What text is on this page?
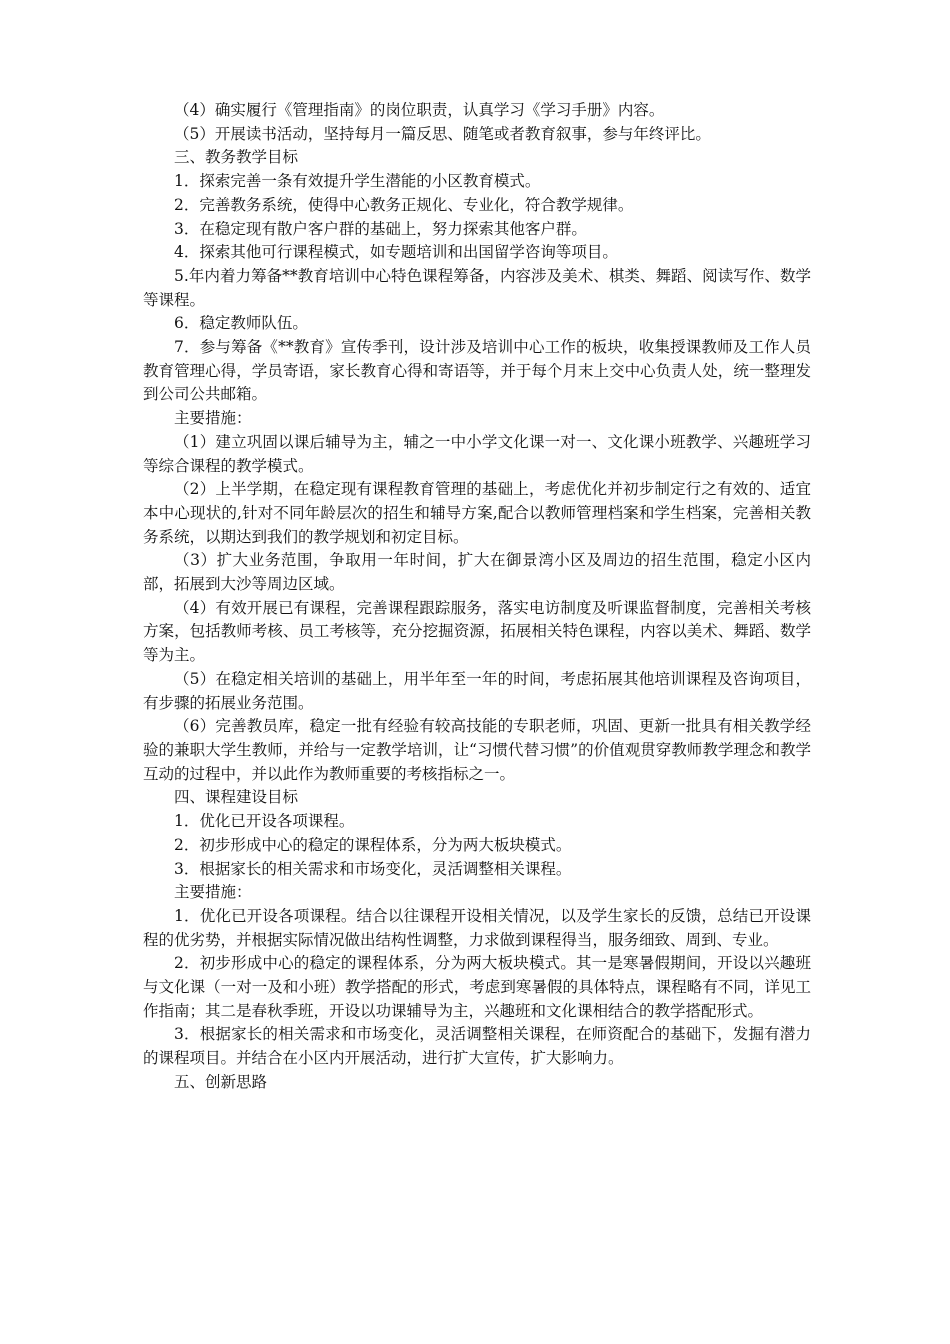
（4）确实履行《管理指南》的岗位职责，认真学习《学习手册》内容。

（5）开展读书活动，坚持每月一篇反思、随笔或者教育叙事，参与年终评比。

三、教务教学目标

1．探索完善一条有效提升学生潜能的小区教育模式。

2．完善教务系统，使得中心教务正规化、专业化，符合教学规律。

3．在稳定现有散户客户群的基础上，努力探索其他客户群。

4．探索其他可行课程模式，如专题培训和出国留学咨询等项目。

5.年内着力筹备**教育培训中心特色课程筹备，内容涉及美术、棋类、舞蹈、阅读写作、数学等课程。

6．稳定教师队伍。

7．参与筹备《**教育》宣传季刊，设计涉及培训中心工作的板块，收集授课教师及工作人员教育管理心得，学员寄语，家长教育心得和寄语等，并于每个月末上交中心负责人处，统一整理发到公司公共邮箱。

主要措施：

（1）建立巩固以课后辅导为主，辅之一中小学文化课一对一、文化课小班教学、兴趣班学习等综合课程的教学模式。

（2）上半学期，在稳定现有课程教育管理的基础上，考虑优化并初步制定行之有效的、适宜本中心现状的,针对不同年龄层次的招生和辅导方案,配合以教师管理档案和学生档案，完善相关教务系统，以期达到我们的教学规划和初定目标。

（3）扩大业务范围，争取用一年时间，扩大在御景湾小区及周边的招生范围，稳定小区内部，拓展到大沙等周边区域。

（4）有效开展已有课程，完善课程跟踪服务，落实电访制度及听课监督制度，完善相关考核方案，包括教师考核、员工考核等，充分挖掘资源，拓展相关特色课程，内容以美术、舞蹈、数学等为主。

（5）在稳定相关培训的基础上，用半年至一年的时间，考虑拓展其他培训课程及咨询项目，有步骤的拓展业务范围。

（6）完善教员库，稳定一批有经验有较高技能的专职老师，巩固、更新一批具有相关教学经验的兼职大学生教师，并给与一定教学培训，让“习惯代替习惯”的价值观贯穿教师教学理念和教学互动的过程中，并以此作为教师重要的考核指标之一。

四、课程建设目标

1．优化已开设各项课程。

2．初步形成中心的稳定的课程体系，分为两大板块模式。

3．根据家长的相关需求和市场变化，灵活调整相关课程。

主要措施：

1．优化已开设各项课程。结合以往课程开设相关情况，以及学生家长的反馈，总结已开设课程的优劣势，并根据实际情况做出结构性调整，力求做到课程得当，服务细致、周到、专业。

2．初步形成中心的稳定的课程体系，分为两大板块模式。其一是寒暑假期间，开设以兴趣班与文化课（一对一及和小班）教学搭配的形式，考虑到寒暑假的具体特点，课程略有不同，详见工作指南；其二是春秋季班，开设以功课辅导为主，兴趣班和文化课相结合的教学搭配形式。

3．根据家长的相关需求和市场变化，灵活调整相关课程，在师资配合的基础下，发掘有潜力的课程项目。并结合在小区内开展活动，进行扩大宣传，扩大影响力。

五、创新思路
